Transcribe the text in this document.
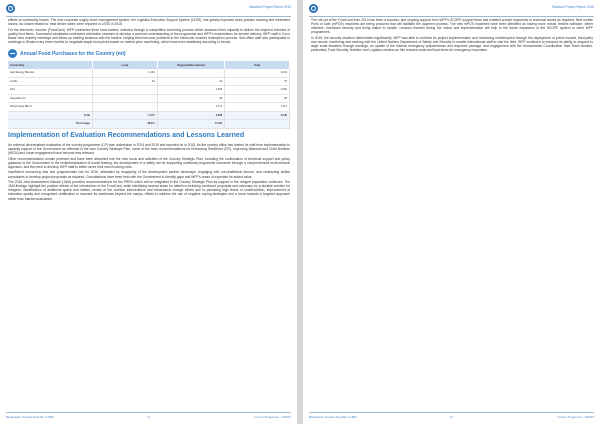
Standard Project Report 2016

effects of commodity losses. The new corporate supply chain management system, the Logistics Execution Support System (LESS), has greatly improved stock position tracking and minimised losses. No losses related to 'best before dates' were reported in LESS in 2016.

For the electronic voucher (FoodCard), WFP contracted three local traders, selected through a competitive screening process which assessed their capacity to deliver the required volumes of quality food items. Successful candidates underwent orientation sessions to develop a common understanding of the programme and WFP's expectations for service delivery. WFP staff in Cox's Bazar held monthly meetings and follow-up training sessions with the traders, helping them become proficient in the electronic voucher redemption process. Sub-office staff also participated in meetings in Dhaka every three months to negotiate staple food prices based on market price monitoring, which have been stabilising according to trends.

Annual Food Purchases for the Country (mt)
Commodity	Local	Regional/International	Total
High Energy Biscuits	1,243	-	1,243
Lentils	34	42	75
Rice	-	1,666	1,666
Vegetable Oil	-	93	93
Wheat Soya Blend	-	1,471	1,471
Total	1,277	3,268	4,548
Percentage	28.2%	71.8%	
Implementation of Evaluation Recommendations and Lessons Learned

An external decentralised evaluation of the country programme (CP) was undertaken in 2014 and 2015 and reported on in 2015. As the country office has started its shift from implementation to capacity support to the Government as reflected in the new Country Strategic Plan, some of the main recommendations for Enhancing Resilience (ER), Improving Maternal and Child Nutrition (IMCN) and urban engagement have become less relevant.

Other recommendations remain pertinent and have been absorbed into the new focus and activities of the Country Strategic Plan, including the continuation of technical support and policy guidance to the Government in the institutionalization of social feeding, the development of a safety net for supporting nutritional programme outcomes through a comprehensive multi-sectoral approach; and the need to develop WFP staff to better serve their new evolving roles.

Insufficient resourcing was one programmatic risk for 2016, alleviated by reapplying of the development partner landscape, engaging with non-traditional donors, and contracting skilled consultants to develop project proposals as required. Consultations have been held with the Government to identify gaps and WFP's areas of expertise for added value.

The 2016 Joint Assessment Mission (JAM) provided recommendations for the PRRO which will be integrated in the Country Strategic Plan as support to the refugee population continues. The JAM findings highlight the positive effects of the introduction of the FoodCard, while identifying several areas for attention including continued proposals and advocacy for a durable solution for refugees, identification of additional space and shelter, review of the nutrition interventions and behavioural change efforts due to persisting high levels of undernutrition, improvement of education quality and recognised certification to increase its usefulness beyond the camps, efforts to address the use of negative coping strategies and a move towards a targeted approach rather than blanket assistance.

Bangladesh, Peoples Republic of (BD)	11	Country Programme - 200243
Standard Project Report 2016

The roll-out of the FoodCard from 2014 has been a success, and ongoing support from WFP's SCOPE support team has enabled prompt responses to technical issues as required. New mobile Point of Sale (mPOS) machines are being procured that will facilitate the payment process. The new mPOS machines have been identified as having more robust, flexible software, better interface, increased security and being easier to handle. Lessons learned during the rollout and implementation will help in the future expansion of the SCOPE system to other WFP programmes.

In 2016, the security situation deteriorated significantly. WFP was able to continue its project implementation and monitoring uninterrupted through the deployment of police escorts, third-party and remote monitoring and working with the United Nations Department of Safety and Security to enable international staff to visit the field. WFP continued to enhance its ability to respond to large scale disasters through trainings, an update of the internal emergency preparedness and response package, and engagement with the Humanitarian Coordination Task Team clusters, particularly Food Security, Nutrition and Logistics clusters as this reduces costs and lead times for emergency responses.

Bangladesh, Peoples Republic of (BD)	12	Country Programme - 200243
